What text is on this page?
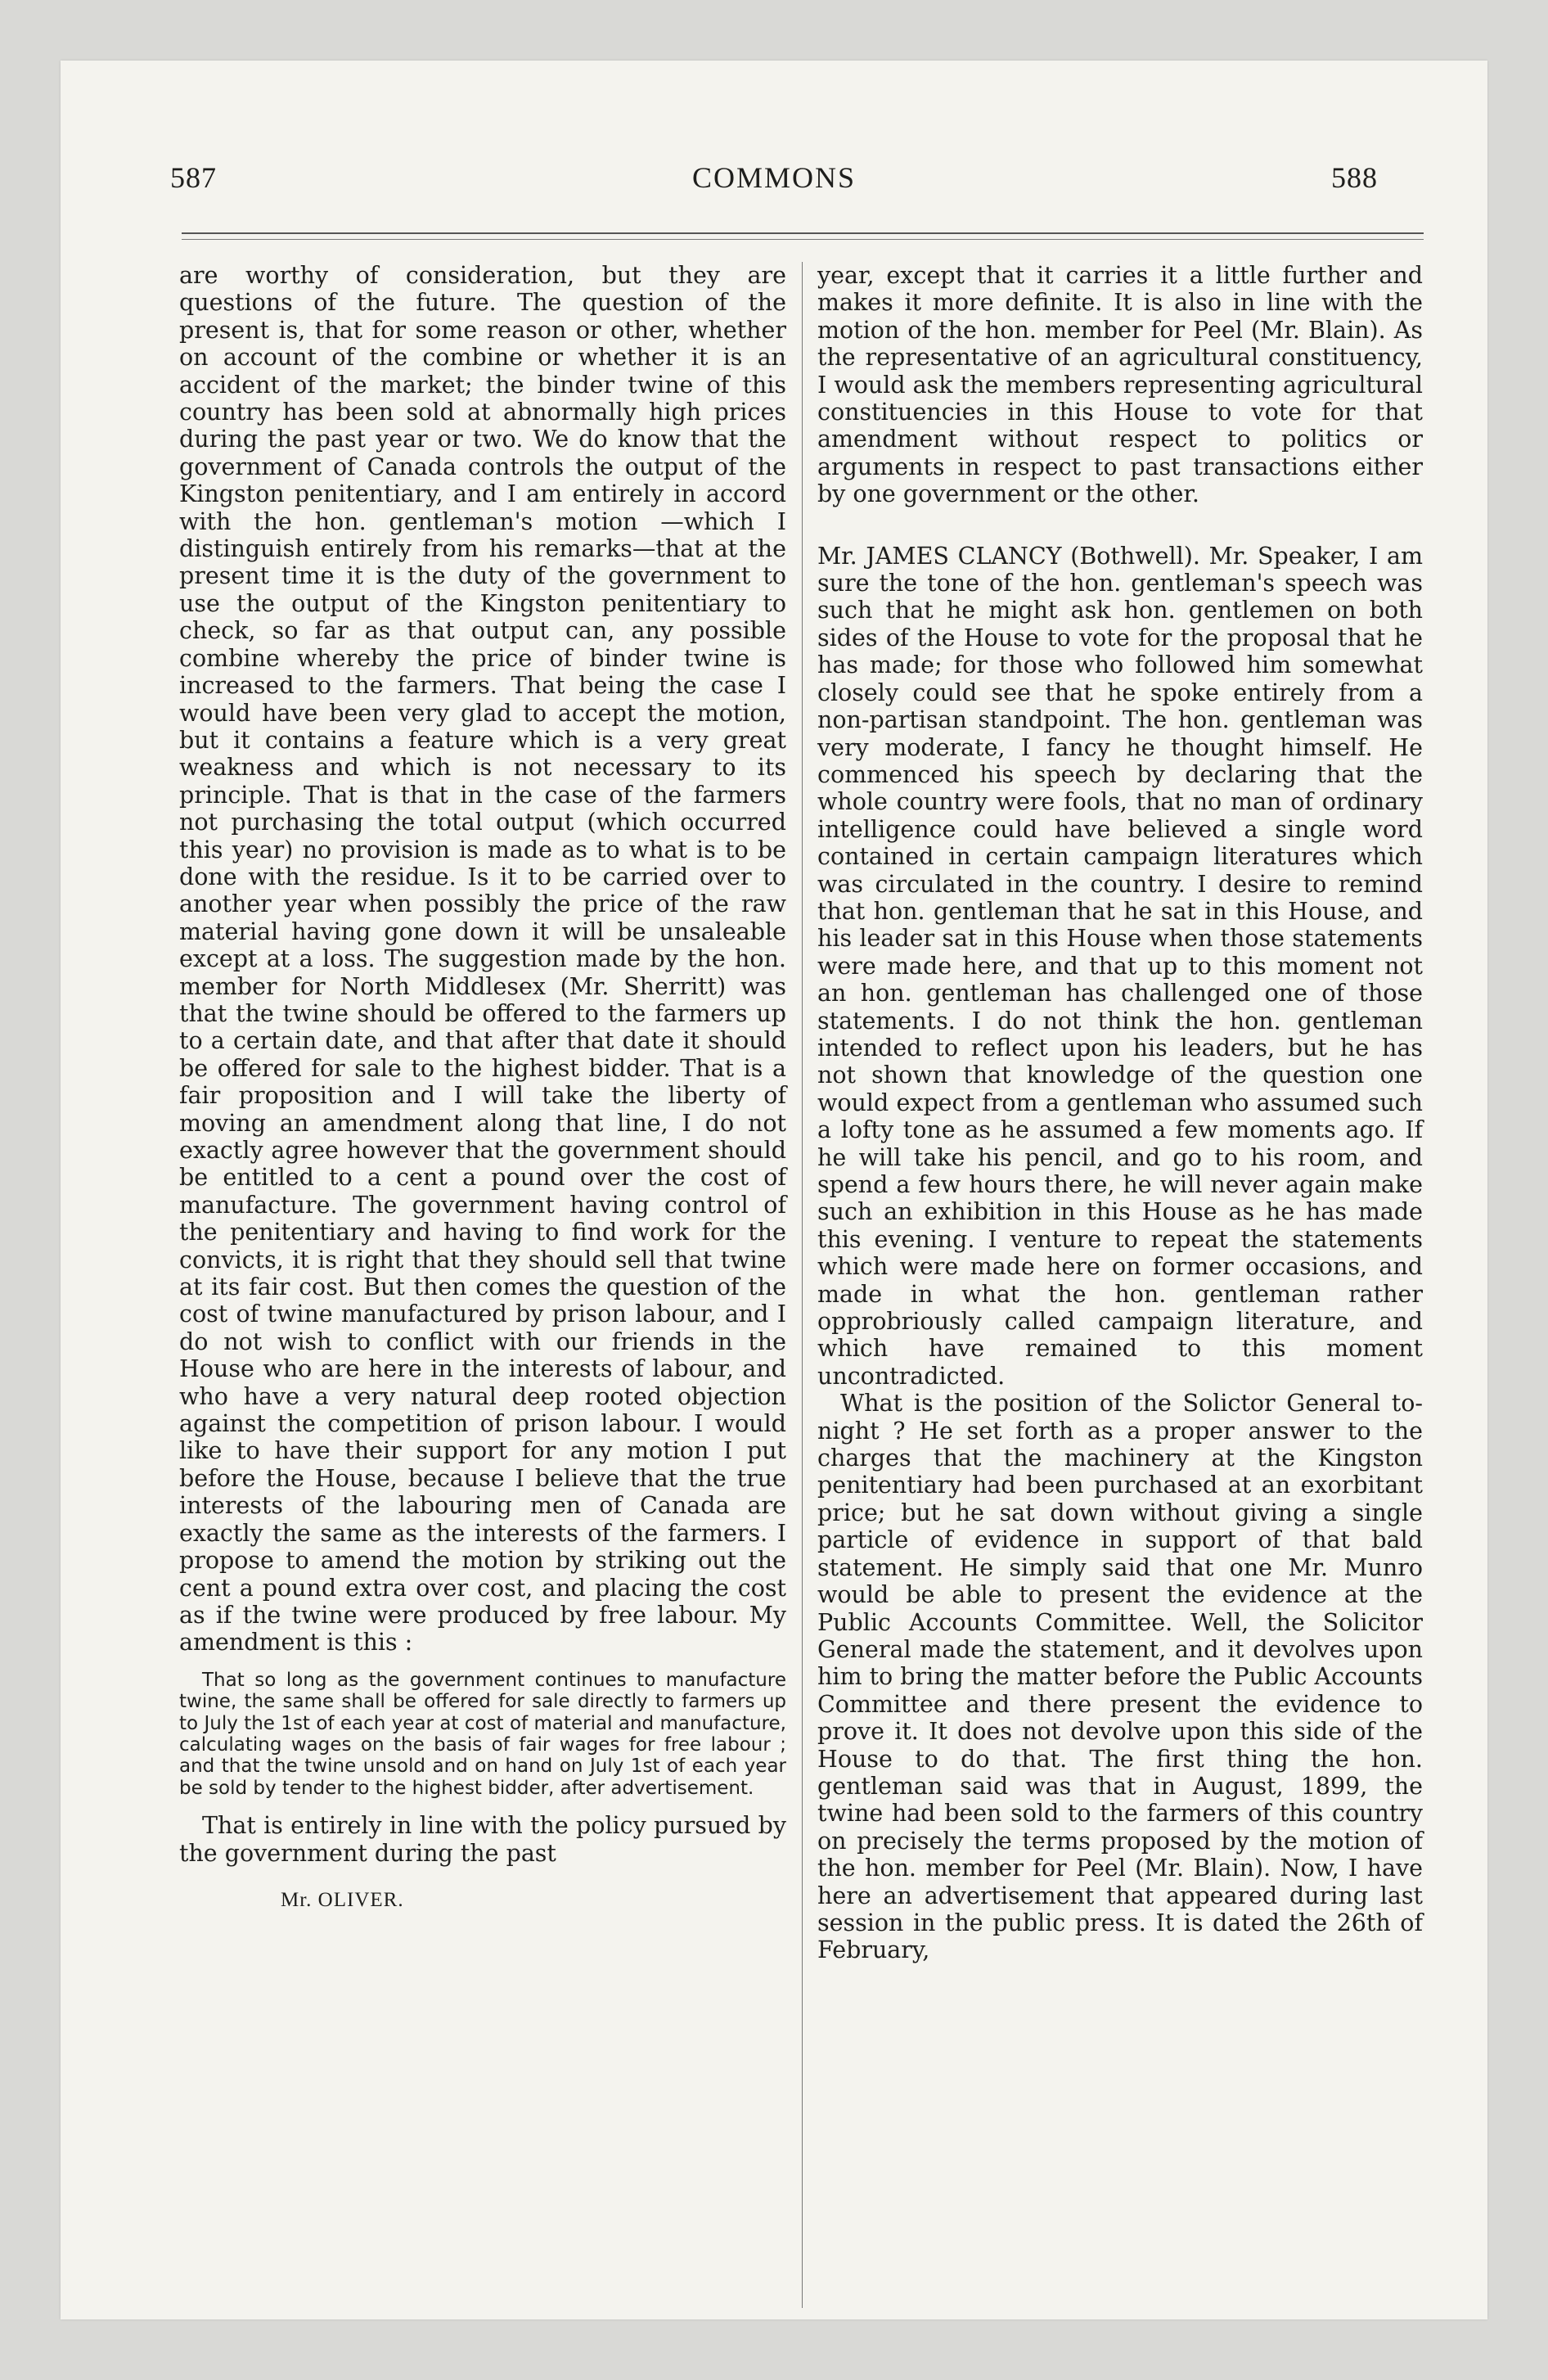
587	COMMONS	588

are worthy of consideration, but they are questions of the future. The question of the present is, that for some reason or other, whether on account of the combine or whether it is an accident of the market; the binder twine of this country has been sold at abnormally high prices during the past year or two. We do know that the government of Canada controls the output of the Kingston penitentiary, and I am entirely in accord with the hon. gentleman's motion —which I distinguish entirely from his remarks—that at the present time it is the duty of the government to use the output of the Kingston penitentiary to check, so far as that output can, any possible combine whereby the price of binder twine is increased to the farmers. That being the case I would have been very glad to accept the motion, but it contains a feature which is a very great weakness and which is not necessary to its principle. That is that in the case of the farmers not purchasing the total output (which occurred this year) no provision is made as to what is to be done with the residue. Is it to be carried over to another year when possibly the price of the raw material having gone down it will be unsaleable except at a loss. The suggestion made by the hon. member for North Middlesex (Mr. Sherritt) was that the twine should be offered to the farmers up to a certain date, and that after that date it should be offered for sale to the highest bidder. That is a fair proposition and I will take the liberty of moving an amendment along that line, I do not exactly agree however that the government should be entitled to a cent a pound over the cost of manufacture. The government having control of the penitentiary and having to find work for the convicts, it is right that they should sell that twine at its fair cost. But then comes the question of the cost of twine manufactured by prison labour, and I do not wish to conflict with our friends in the House who are here in the interests of labour, and who have a very natural deep rooted objection against the competition of prison labour. I would like to have their support for any motion I put before the House, because I believe that the true interests of the labouring men of Canada are exactly the same as the interests of the farmers. I propose to amend the motion by striking out the cent a pound extra over cost, and placing the cost as if the twine were produced by free labour. My amendment is this :

That so long as the government continues to manufacture twine, the same shall be offered for sale directly to farmers up to July the 1st of each year at cost of material and manufacture, calculating wages on the basis of fair wages for free labour ; and that the twine unsold and on hand on July 1st of each year be sold by tender to the highest bidder, after advertisement.

That is entirely in line with the policy pursued by the government during the past

Mr. OLIVER.

year, except that it carries it a little further and makes it more definite. It is also in line with the motion of the hon. member for Peel (Mr. Blain). As the representative of an agricultural constituency, I would ask the members representing agricultural constituencies in this House to vote for that amendment without respect to politics or arguments in respect to past transactions either by one government or the other.

Mr. JAMES CLANCY (Bothwell). Mr. Speaker, I am sure the tone of the hon. gentleman's speech was such that he might ask hon. gentlemen on both sides of the House to vote for the proposal that he has made; for those who followed him somewhat closely could see that he spoke entirely from a non-partisan standpoint. The hon. gentleman was very moderate, I fancy he thought himself. He commenced his speech by declaring that the whole country were fools, that no man of ordinary intelligence could have believed a single word contained in certain campaign literatures which was circulated in the country. I desire to remind that hon. gentleman that he sat in this House, and his leader sat in this House when those statements were made here, and that up to this moment not an hon. gentleman has challenged one of those statements. I do not think the hon. gentleman intended to reflect upon his leaders, but he has not shown that knowledge of the question one would expect from a gentleman who assumed such a lofty tone as he assumed a few moments ago. If he will take his pencil, and go to his room, and spend a few hours there, he will never again make such an exhibition in this House as he has made this evening. I venture to repeat the statements which were made here on former occasions, and made in what the hon. gentleman rather opprobriously called campaign literature, and which have remained to this moment uncontradicted.

What is the position of the Solictor General to-night ? He set forth as a proper answer to the charges that the machinery at the Kingston penitentiary had been purchased at an exorbitant price; but he sat down without giving a single particle of evidence in support of that bald statement. He simply said that one Mr. Munro would be able to present the evidence at the Public Accounts Committee. Well, the Solicitor General made the statement, and it devolves upon him to bring the matter before the Public Accounts Committee and there present the evidence to prove it. It does not devolve upon this side of the House to do that. The first thing the hon. gentleman said was that in August, 1899, the twine had been sold to the farmers of this country on precisely the terms proposed by the motion of the hon. member for Peel (Mr. Blain). Now, I have here an advertisement that appeared during last session in the public press. It is dated the 26th of February,
